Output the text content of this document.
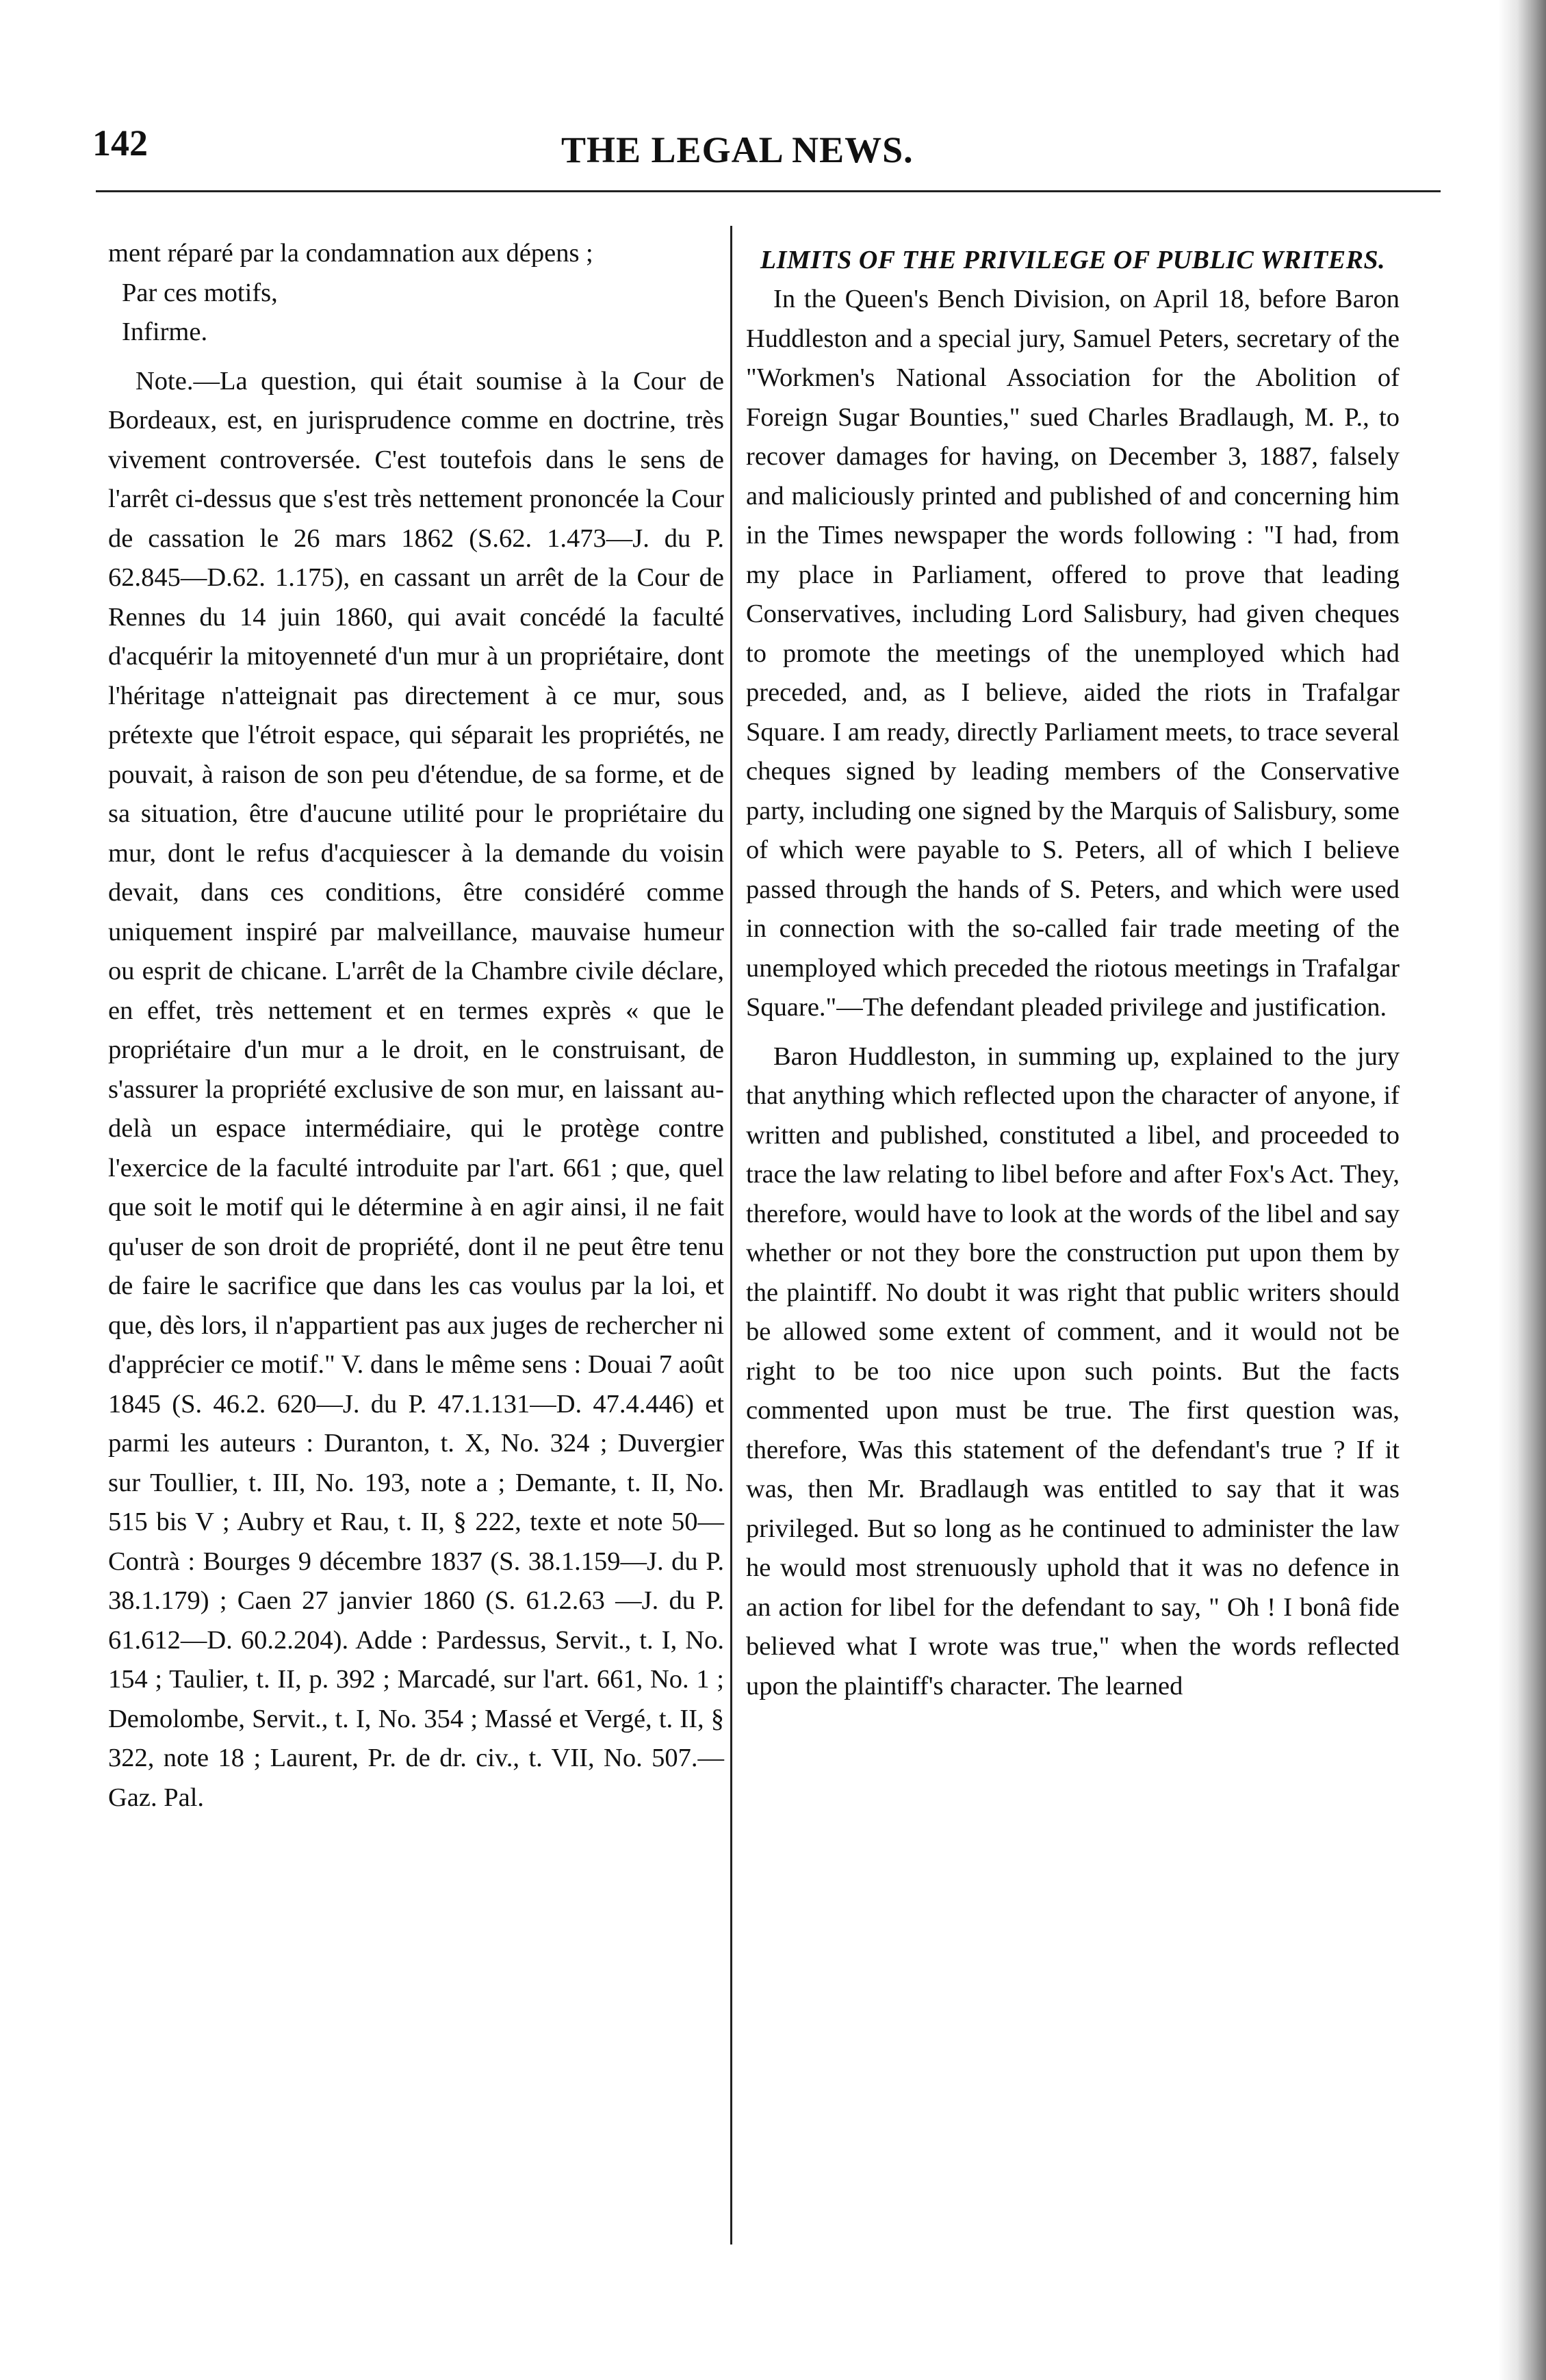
142	THE LEGAL NEWS.

ment réparé par la condamnation aux dépens ;

Par ces motifs,

Infirme.

Note.—La question, qui était soumise à la Cour de Bordeaux, est, en jurisprudence comme en doctrine, très vivement controversée. C'est toutefois dans le sens de l'arrêt ci-dessus que s'est très nettement prononcée la Cour de cassation le 26 mars 1862 (S.62. 1.473—J. du P. 62.845—D.62. 1.175), en cassant un arrêt de la Cour de Rennes du 14 juin 1860, qui avait concédé la faculté d'acquérir la mitoyenneté d'un mur à un propriétaire, dont l'héritage n'atteignait pas directement à ce mur, sous prétexte que l'étroit espace, qui séparait les propriétés, ne pouvait, à raison de son peu d'étendue, de sa forme, et de sa situation, être d'aucune utilité pour le propriétaire du mur, dont le refus d'acquiescer à la demande du voisin devait, dans ces conditions, être considéré comme uniquement inspiré par malveillance, mauvaise humeur ou esprit de chicane. L'arrêt de la Chambre civile déclare, en effet, très nettement et en termes exprès « que le propriétaire d'un mur a le droit, en le construisant, de s'assurer la propriété exclusive de son mur, en laissant au-delà un espace intermédiaire, qui le protège contre l'exercice de la faculté introduite par l'art. 661 ; que, quel que soit le motif qui le détermine à en agir ainsi, il ne fait qu'user de son droit de propriété, dont il ne peut être tenu de faire le sacrifice que dans les cas voulus par la loi, et que, dès lors, il n'appartient pas aux juges de rechercher ni d'apprécier ce motif." V. dans le même sens : Douai 7 août 1845 (S. 46.2. 620—J. du P. 47.1.131—D. 47.4.446) et parmi les auteurs : Duranton, t. X, No. 324 ; Duvergier sur Toullier, t. III, No. 193, note a ; Demante, t. II, No. 515 bis V ; Aubry et Rau, t. II, § 222, texte et note 50—Contrà : Bourges 9 décembre 1837 (S. 38.1.159—J. du P. 38.1.179) ; Caen 27 janvier 1860 (S. 61.2.63 —J. du P. 61.612—D. 60.2.204). Adde : Pardessus, Servit., t. I, No. 154 ; Taulier, t. II, p. 392 ; Marcadé, sur l'art. 661, No. 1 ; Demolombe, Servit., t. I, No. 354 ; Massé et Vergé, t. II, § 322, note 18 ; Laurent, Pr. de dr. civ., t. VII, No. 507.—Gaz. Pal.

LIMITS OF THE PRIVILEGE OF PUBLIC WRITERS.

In the Queen's Bench Division, on April 18, before Baron Huddleston and a special jury, Samuel Peters, secretary of the "Workmen's National Association for the Abolition of Foreign Sugar Bounties," sued Charles Bradlaugh, M. P., to recover damages for having, on December 3, 1887, falsely and maliciously printed and published of and concerning him in the Times newspaper the words following : "I had, from my place in Parliament, offered to prove that leading Conservatives, including Lord Salisbury, had given cheques to promote the meetings of the unemployed which had preceded, and, as I believe, aided the riots in Trafalgar Square. I am ready, directly Parliament meets, to trace several cheques signed by leading members of the Conservative party, including one signed by the Marquis of Salisbury, some of which were payable to S. Peters, all of which I believe passed through the hands of S. Peters, and which were used in connection with the so-called fair trade meeting of the unemployed which preceded the riotous meetings in Trafalgar Square."—The defendant pleaded privilege and justification.

Baron Huddleston, in summing up, explained to the jury that anything which reflected upon the character of anyone, if written and published, constituted a libel, and proceeded to trace the law relating to libel before and after Fox's Act. They, therefore, would have to look at the words of the libel and say whether or not they bore the construction put upon them by the plaintiff. No doubt it was right that public writers should be allowed some extent of comment, and it would not be right to be too nice upon such points. But the facts commented upon must be true. The first question was, therefore, Was this statement of the defendant's true ? If it was, then Mr. Bradlaugh was entitled to say that it was privileged. But so long as he continued to administer the law he would most strenuously uphold that it was no defence in an action for libel for the defendant to say, " Oh ! I bonâ fide believed what I wrote was true," when the words reflected upon the plaintiff's character. The learned
